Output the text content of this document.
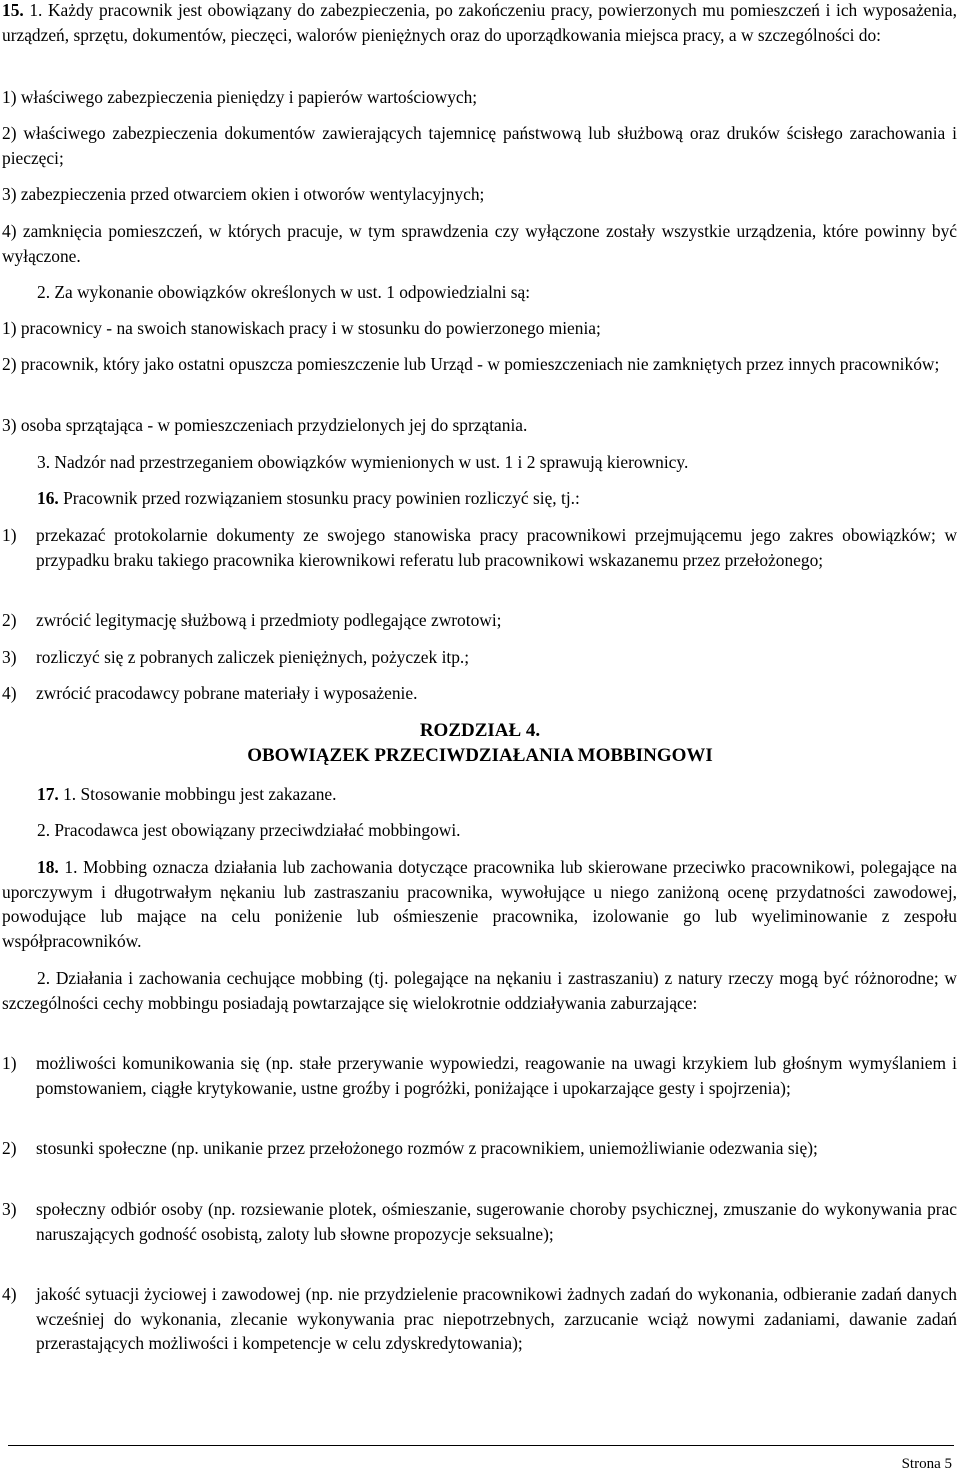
15. 1. Każdy pracownik jest obowiązany do zabezpieczenia, po zakończeniu pracy, powierzonych mu pomieszczeń i ich wyposażenia, urządzeń, sprzętu, dokumentów, pieczęci, walorów pieniężnych oraz do uporządkowania miejsca pracy, a w szczególności do:

1) właściwego zabezpieczenia pieniędzy i papierów wartościowych;

2) właściwego zabezpieczenia dokumentów zawierających tajemnicę państwową lub służbową oraz druków ścisłego zarachowania i pieczęci;

3) zabezpieczenia przed otwarciem okien i otworów wentylacyjnych;

4) zamknięcia pomieszczeń, w których pracuje, w tym sprawdzenia czy wyłączone zostały wszystkie urządzenia, które powinny być wyłączone.

2. Za wykonanie obowiązków określonych w ust. 1 odpowiedzialni są:

1) pracownicy - na swoich stanowiskach pracy i w stosunku do powierzonego mienia;

2) pracownik, który jako ostatni opuszcza pomieszczenie lub Urząd - w pomieszczeniach nie zamkniętych przez innych pracowników;

3) osoba sprzątająca - w pomieszczeniach przydzielonych jej do sprzątania.

3. Nadzór nad przestrzeganiem obowiązków wymienionych w ust. 1 i 2 sprawują kierownicy.

16. Pracownik przed rozwiązaniem stosunku pracy powinien rozliczyć się, tj.:

1) przekazać protokolarnie dokumenty ze swojego stanowiska pracy pracownikowi przejmującemu jego zakres obowiązków; w przypadku braku takiego pracownika kierownikowi referatu lub pracownikowi wskazanemu przez przełożonego;
2) zwrócić legitymację służbową i przedmioty podlegające zwrotowi;
3) rozliczyć się z pobranych zaliczek pieniężnych, pożyczek itp.;
4) zwrócić pracodawcy pobrane materiały i wyposażenie.
ROZDZIAŁ 4.
OBOWIĄZEK PRZECIWDZIAŁANIA MOBBINGOWI

17. 1. Stosowanie mobbingu jest zakazane.

2. Pracodawca jest obowiązany przeciwdziałać mobbingowi.

18. 1. Mobbing oznacza działania lub zachowania dotyczące pracownika lub skierowane przeciwko pracownikowi, polegające na uporczywym i długotrwałym nękaniu lub zastraszaniu pracownika, wywołujące u niego zaniżoną ocenę przydatności zawodowej, powodujące lub mające na celu poniżenie lub ośmieszenie pracownika, izolowanie go lub wyeliminowanie z zespołu współpracowników.

2. Działania i zachowania cechujące mobbing (tj. polegające na nękaniu i zastraszaniu) z natury rzeczy mogą być różnorodne; w szczególności cechy mobbingu posiadają powtarzające się wielokrotnie oddziaływania zaburzające:

1) możliwości komunikowania się (np. stałe przerywanie wypowiedzi, reagowanie na uwagi krzykiem lub głośnym wymyślaniem i pomstowaniem, ciągłe krytykowanie, ustne groźby i pogróżki, poniżające i upokarzające gesty i spojrzenia);
2) stosunki społeczne (np. unikanie przez przełożonego rozmów z pracownikiem, uniemożliwianie odezwania się);
3) społeczny odbiór osoby (np. rozsiewanie plotek, ośmieszanie, sugerowanie choroby psychicznej, zmuszanie do wykonywania prac naruszających godność osobistą, zaloty lub słowne propozycje seksualne);
4) jakość sytuacji życiowej i zawodowej (np. nie przydzielenie pracownikowi żadnych zadań do wykonania, odbieranie zadań danych wcześniej do wykonania, zlecanie wykonywania prac niepotrzebnych, zarzucanie wciąż nowymi zadaniami, dawanie zadań przerastających możliwości i kompetencje w celu zdyskredytowania);
Strona 5
